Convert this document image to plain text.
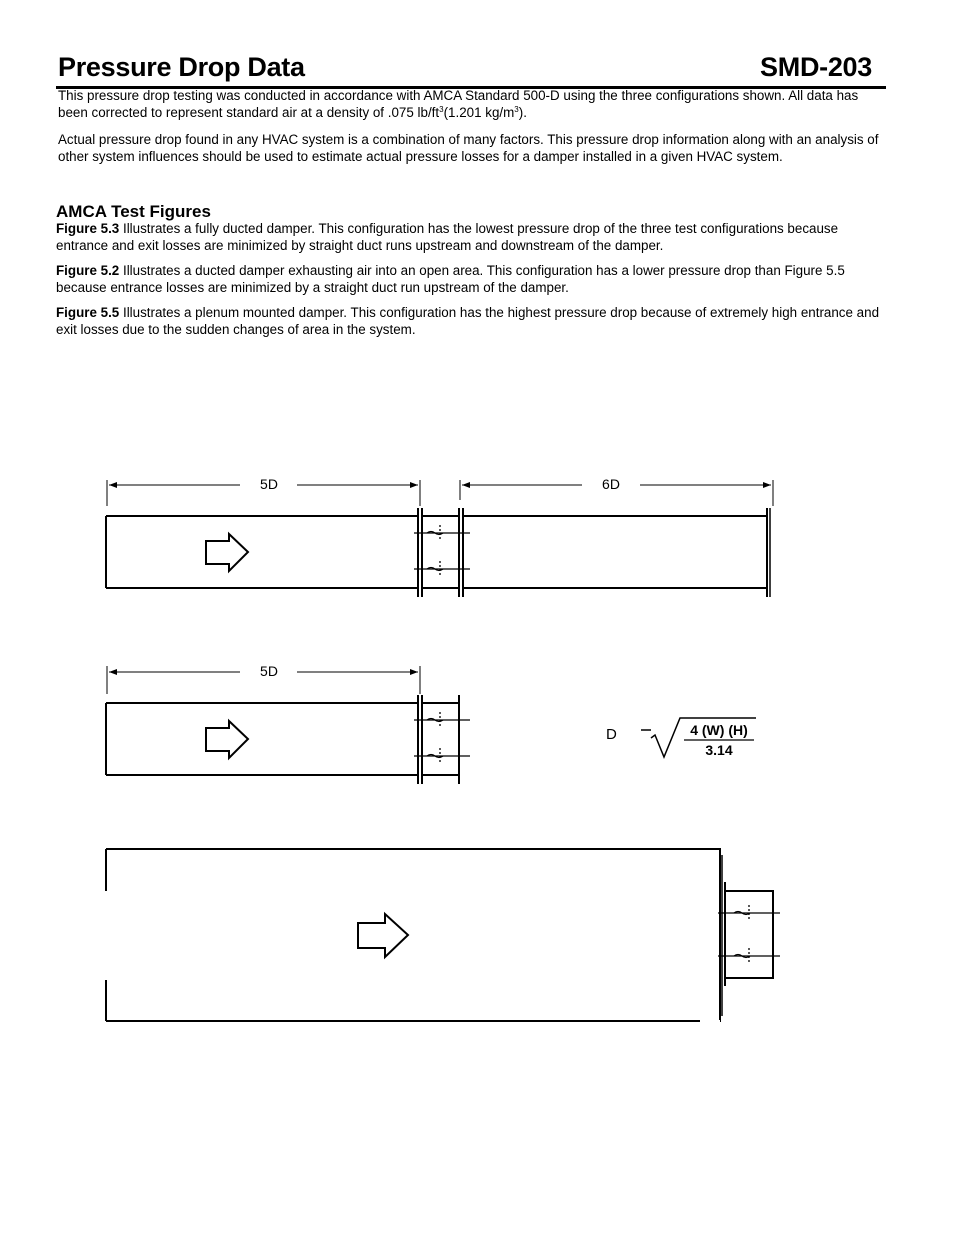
Pressure Drop Data	SMD-203

This pressure drop testing was conducted in accordance with AMCA Standard 500-D using the three configurations shown. All data has been corrected to represent standard air at a density of .075 $lb/ft^3(1.201$ $kg/m^3$).

Actual pressure drop found in any HVAC system is a combination of many factors. This pressure drop information along with an analysis of other system influences should be used to estimate actual pressure losses for a damper installed in a given HVAC system.

AMCA Test Figures

Figure 5.3 Illustrates a fully ducted damper. This configuration has the lowest pressure drop of the three test configurations because entrance and exit losses are minimized by straight duct runs upstream and downstream of the damper.

Figure 5.2 Illustrates a ducted damper exhausting air into an open area. This configuration has a lower pressure drop than Figure 5.5 because entrance losses are minimized by a straight duct run upstream of the damper.

Figure 5.5 Illustrates a plenum mounted damper. This configuration has the highest pressure drop because of extremely high entrance and exit losses due to the sudden changes of area in the system.

5D	6D
5D
D	4 (W) (H)
3.14
